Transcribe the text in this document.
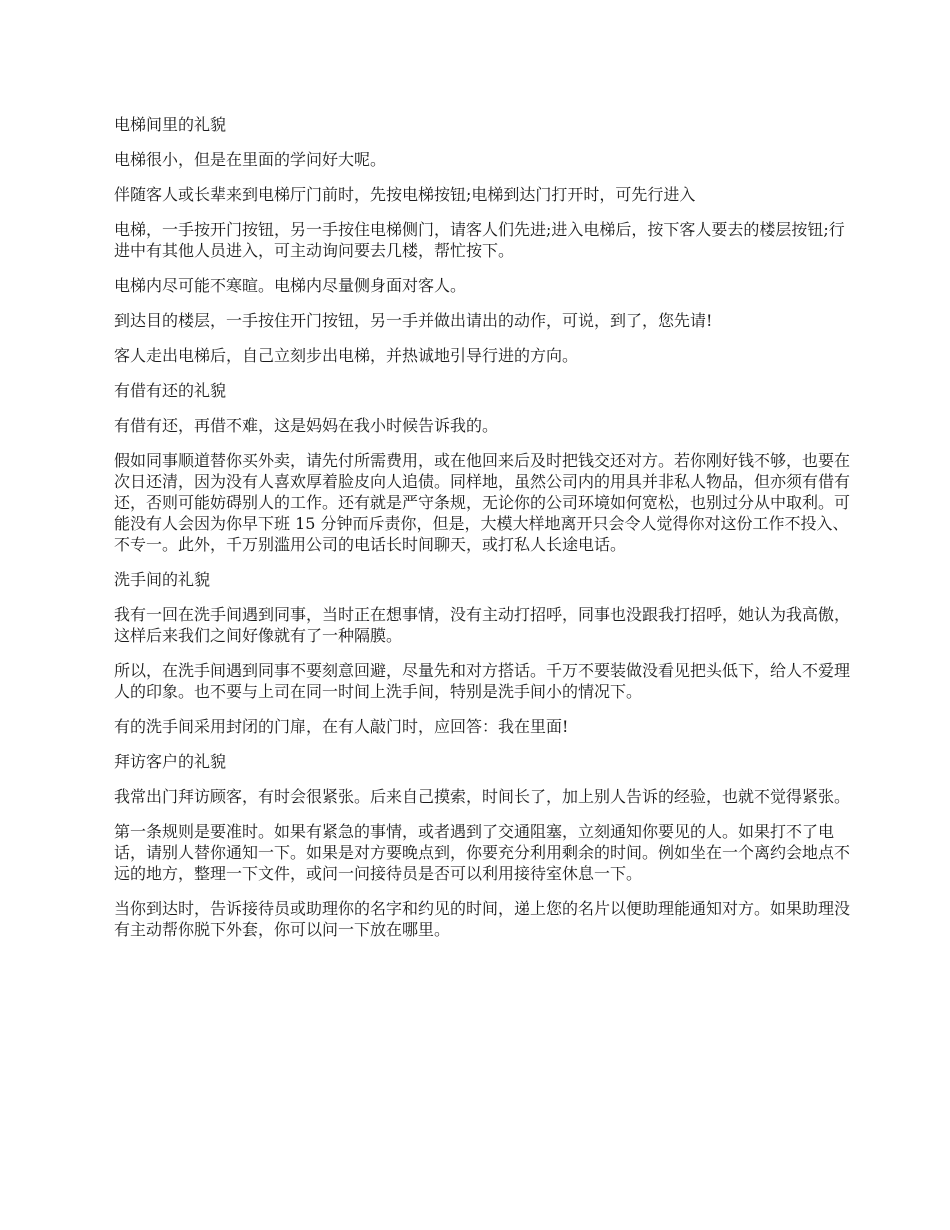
电梯间里的礼貌

电梯很小，但是在里面的学问好大呢。

伴随客人或长辈来到电梯厅门前时，先按电梯按钮;电梯到达门打开时，可先行进入

电梯，一手按开门按钮，另一手按住电梯侧门，请客人们先进;进入电梯后，按下客人要去的楼层按钮;行进中有其他人员进入，可主动询问要去几楼，帮忙按下。

电梯内尽可能不寒暄。电梯内尽量侧身面对客人。

到达目的楼层，一手按住开门按钮，另一手并做出请出的动作，可说，到了，您先请!

客人走出电梯后，自己立刻步出电梯，并热诚地引导行进的方向。

有借有还的礼貌

有借有还，再借不难，这是妈妈在我小时候告诉我的。

假如同事顺道替你买外卖，请先付所需费用，或在他回来后及时把钱交还对方。若你刚好钱不够，也要在次日还清，因为没有人喜欢厚着脸皮向人追债。同样地，虽然公司内的用具并非私人物品，但亦须有借有还，否则可能妨碍别人的工作。还有就是严守条规，无论你的公司环境如何宽松，也别过分从中取利。可能没有人会因为你早下班 15 分钟而斥责你，但是，大模大样地离开只会令人觉得你对这份工作不投入、不专一。此外，千万别滥用公司的电话长时间聊天，或打私人长途电话。

洗手间的礼貌

我有一回在洗手间遇到同事，当时正在想事情，没有主动打招呼，同事也没跟我打招呼，她认为我高傲，这样后来我们之间好像就有了一种隔膜。

所以，在洗手间遇到同事不要刻意回避，尽量先和对方搭话。千万不要装做没看见把头低下，给人不爱理人的印象。也不要与上司在同一时间上洗手间，特别是洗手间小的情况下。

有的洗手间采用封闭的门扉，在有人敲门时，应回答：我在里面!

拜访客户的礼貌

我常出门拜访顾客，有时会很紧张。后来自己摸索，时间长了，加上别人告诉的经验，也就不觉得紧张。

第一条规则是要准时。如果有紧急的事情，或者遇到了交通阻塞，立刻通知你要见的人。如果打不了电话，请别人替你通知一下。如果是对方要晚点到，你要充分利用剩余的时间。例如坐在一个离约会地点不远的地方，整理一下文件，或问一问接待员是否可以利用接待室休息一下。

当你到达时，告诉接待员或助理你的名字和约见的时间，递上您的名片以便助理能通知对方。如果助理没有主动帮你脱下外套，你可以问一下放在哪里。
